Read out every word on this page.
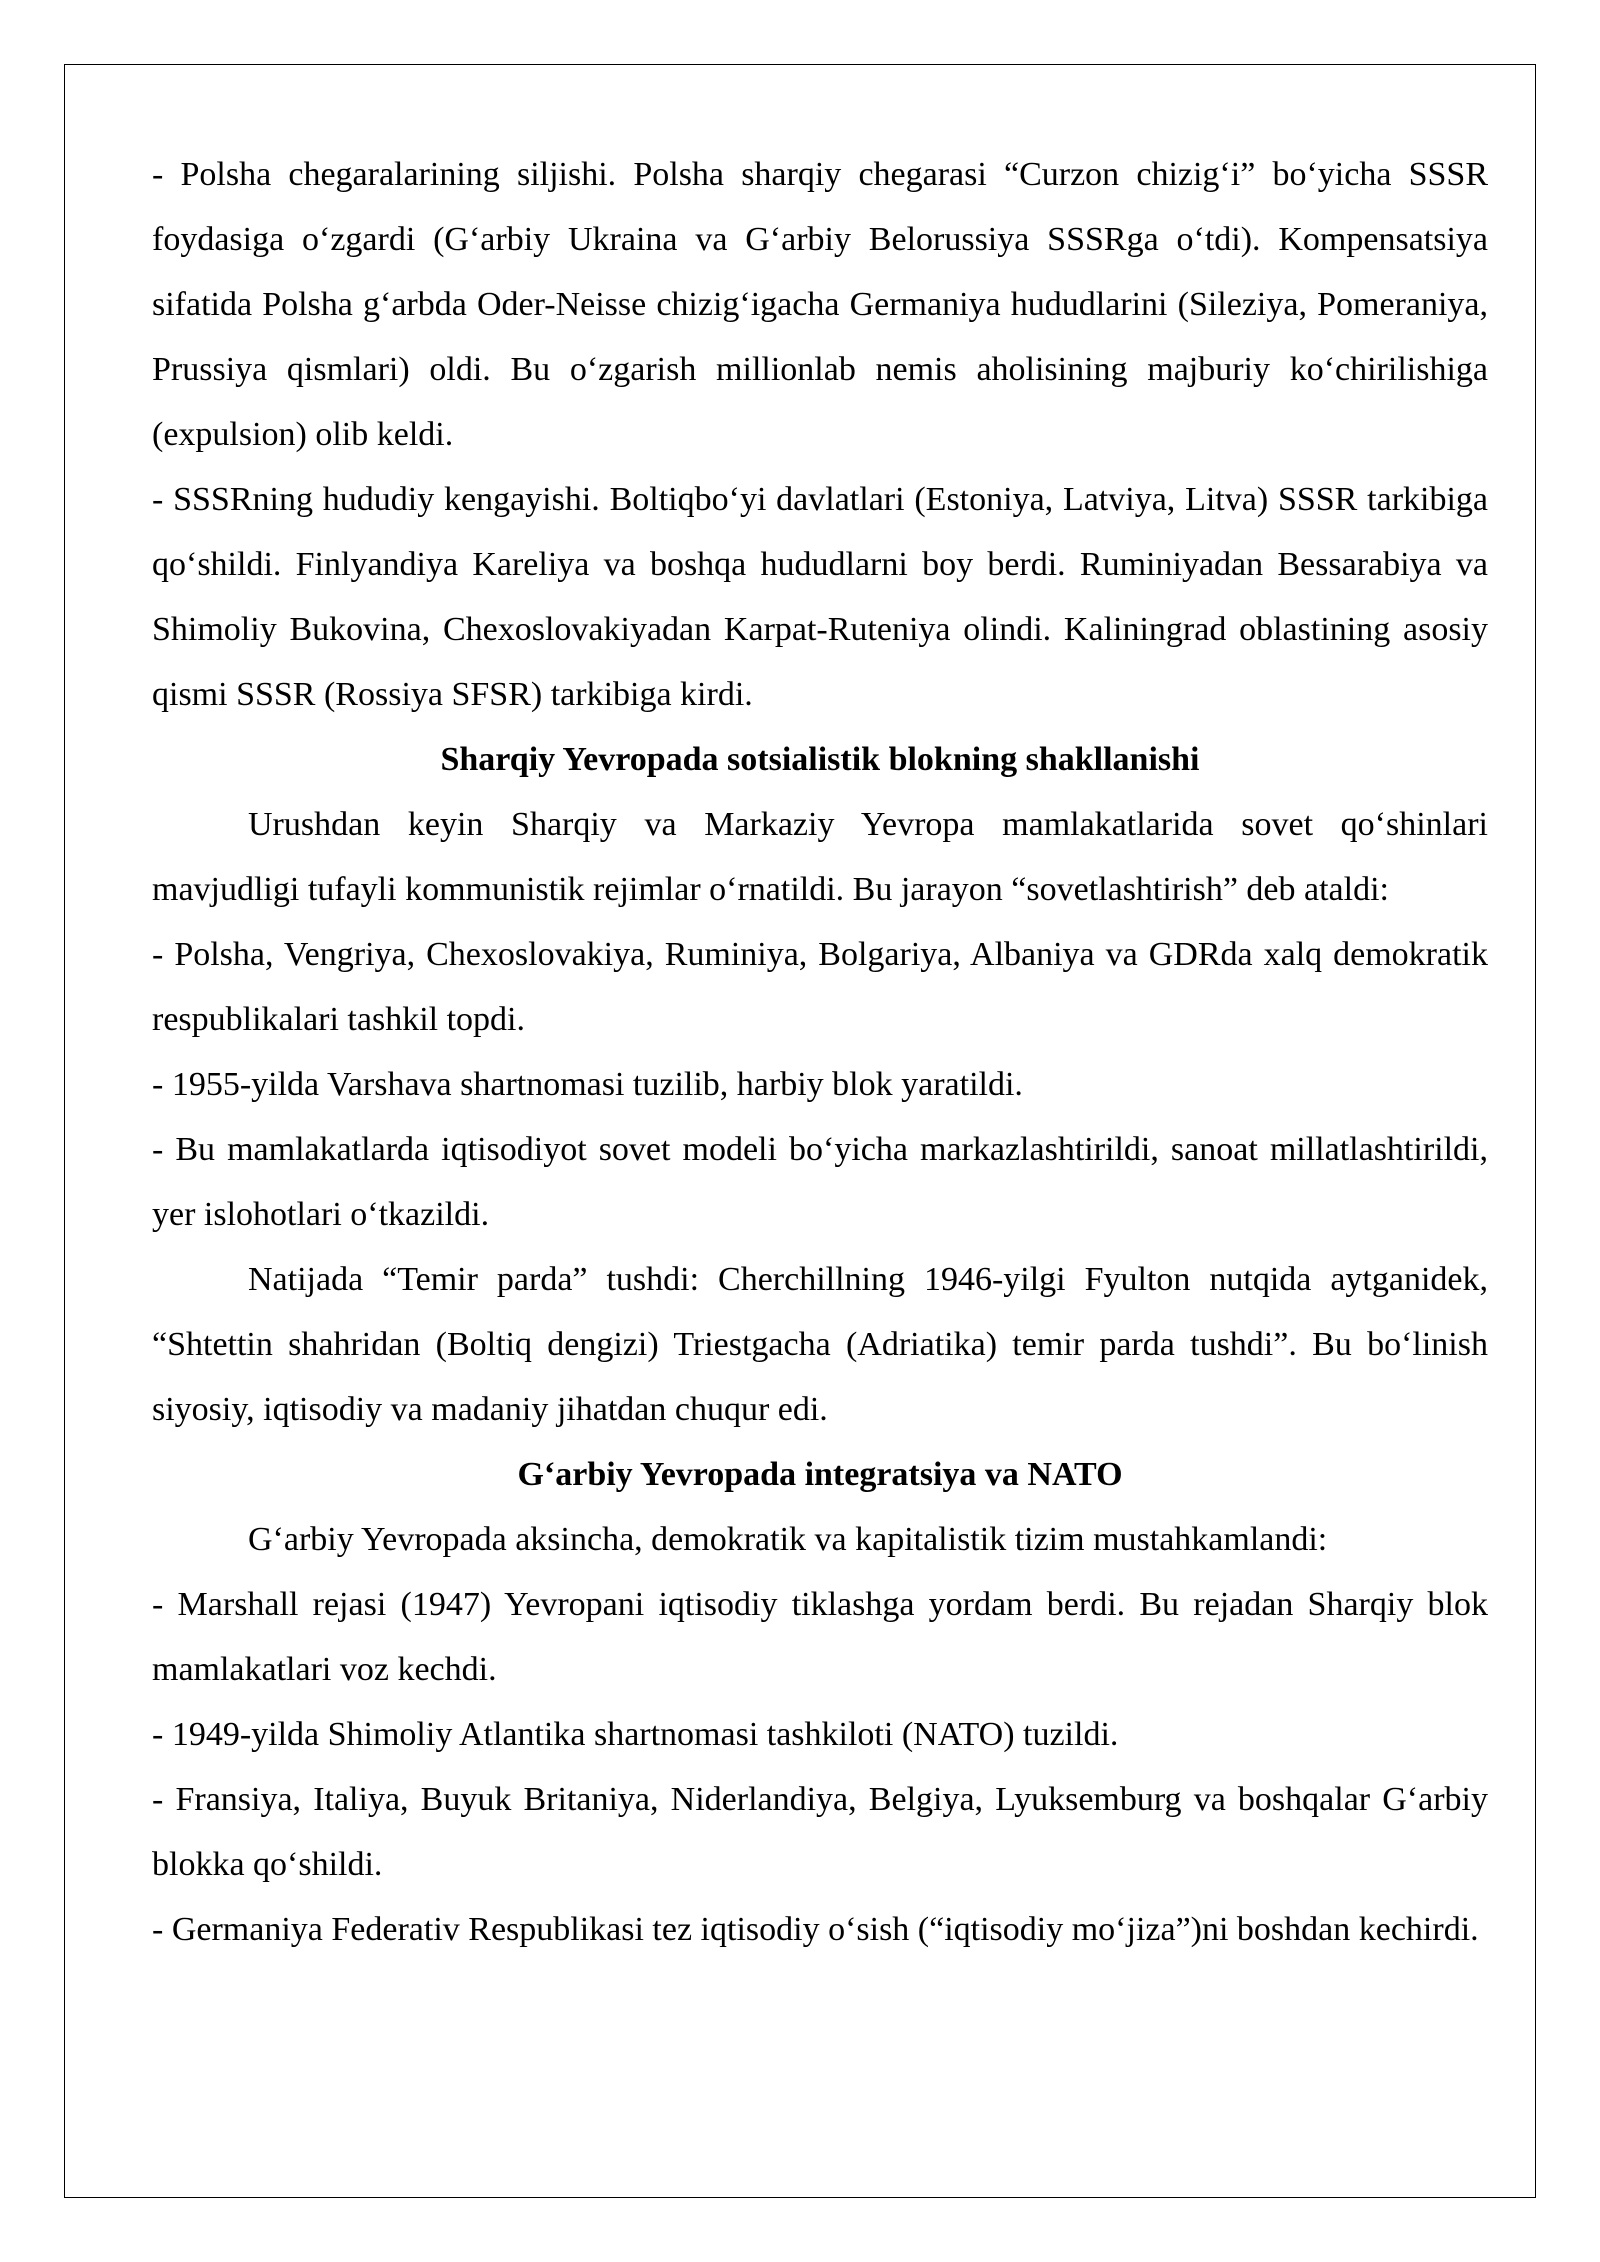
- Polsha chegaralarining siljishi. Polsha sharqiy chegarasi “Curzon chizig‘i” bo‘yicha SSSR foydasiga o‘zgardi (G‘arbiy Ukraina va G‘arbiy Belorussiya SSSRga o‘tdi). Kompensatsiya sifatida Polsha g‘arbda Oder-Neisse chizig‘igacha Germaniya hududlarini (Sileziya, Pomeraniya, Prussiya qismlari) oldi. Bu o‘zgarish millionlab nemis aholisining majburiy ko‘chirilishiga (expulsion) olib keldi.

- SSSRning hududiy kengayishi. Boltiqbo‘yi davlatlari (Estoniya, Latviya, Litva) SSSR tarkibiga qo‘shildi. Finlyandiya Kareliya va boshqa hududlarni boy berdi. Ruminiyadan Bessarabiya va Shimoliy Bukovina, Chexoslovakiyadan Karpat-Ruteniya olindi. Kaliningrad oblastining asosiy qismi SSSR (Rossiya SFSR) tarkibiga kirdi.

Sharqiy Yevropada sotsialistik blokning shakllanishi

Urushdan keyin Sharqiy va Markaziy Yevropa mamlakatlarida sovet qo‘shinlari mavjudligi tufayli kommunistik rejimlar o‘rnatildi. Bu jarayon “sovetlashtirish” deb ataldi:

- Polsha, Vengriya, Chexoslovakiya, Ruminiya, Bolgariya, Albaniya va GDRda xalq demokratik respublikalari tashkil topdi.

- 1955-yilda Varshava shartnomasi tuzilib, harbiy blok yaratildi.

- Bu mamlakatlarda iqtisodiyot sovet modeli bo‘yicha markazlashtirildi, sanoat millatlashtirildi, yer islohotlari o‘tkazildi.

Natijada “Temir parda” tushdi: Cherchillning 1946-yilgi Fyulton nutqida aytganidek, “Shtettin shahridan (Boltiq dengizi) Triestgacha (Adriatika) temir parda tushdi”. Bu bo‘linish siyosiy, iqtisodiy va madaniy jihatdan chuqur edi.

G‘arbiy Yevropada integratsiya va NATO

G‘arbiy Yevropada aksincha, demokratik va kapitalistik tizim mustahkamlandi:

- Marshall rejasi (1947) Yevropani iqtisodiy tiklashga yordam berdi. Bu rejadan Sharqiy blok mamlakatlari voz kechdi.

- 1949-yilda Shimoliy Atlantika shartnomasi tashkiloti (NATO) tuzildi.

- Fransiya, Italiya, Buyuk Britaniya, Niderlandiya, Belgiya, Lyuksemburg va boshqalar G‘arbiy blokka qo‘shildi.

- Germaniya Federativ Respublikasi tez iqtisodiy o‘sish (“iqtisodiy mo‘jiza”)ni boshdan kechirdi.
